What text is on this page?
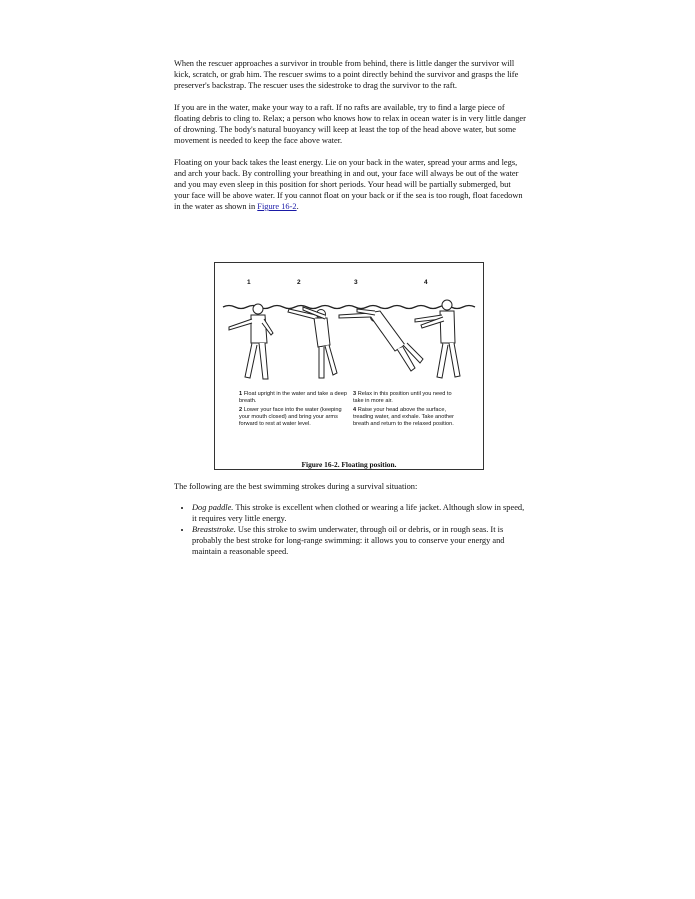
When the rescuer approaches a survivor in trouble from behind, there is little danger the survivor will kick, scratch, or grab him. The rescuer swims to a point directly behind the survivor and grasps the life preserver's backstrap. The rescuer uses the sidestroke to drag the survivor to the raft.

If you are in the water, make your way to a raft. If no rafts are available, try to find a large piece of floating debris to cling to. Relax; a person who knows how to relax in ocean water is in very little danger of drowning. The body's natural buoyancy will keep at least the top of the head above water, but some movement is needed to keep the face above water.

Floating on your back takes the least energy. Lie on your back in the water, spread your arms and legs, and arch your back. By controlling your breathing in and out, your face will always be out of the water and you may even sleep in this position for short periods. Your head will be partially submerged, but your face will be above water. If you cannot float on your back or if the sea is too rough, float facedown in the water as shown in Figure 16-2.

1	2	3	4
1 Float upright in the water and take a deep breath.
2 Lower your face into the water (keeping your mouth closed) and bring your arms forward to rest at water level.
3 Relax in this position until you need to take in more air.
4 Raise your head above the surface, treading water, and exhale. Take another breath and return to the relaxed position.
Figure 16-2. Floating position.
The following are the best swimming strokes during a survival situation:
• Dog paddle. This stroke is excellent when clothed or wearing a life jacket. Although slow in speed, it requires very little energy.
• Breaststroke. Use this stroke to swim underwater, through oil or debris, or in rough seas. It is probably the best stroke for long-range swimming: it allows you to conserve your energy and maintain a reasonable speed.
